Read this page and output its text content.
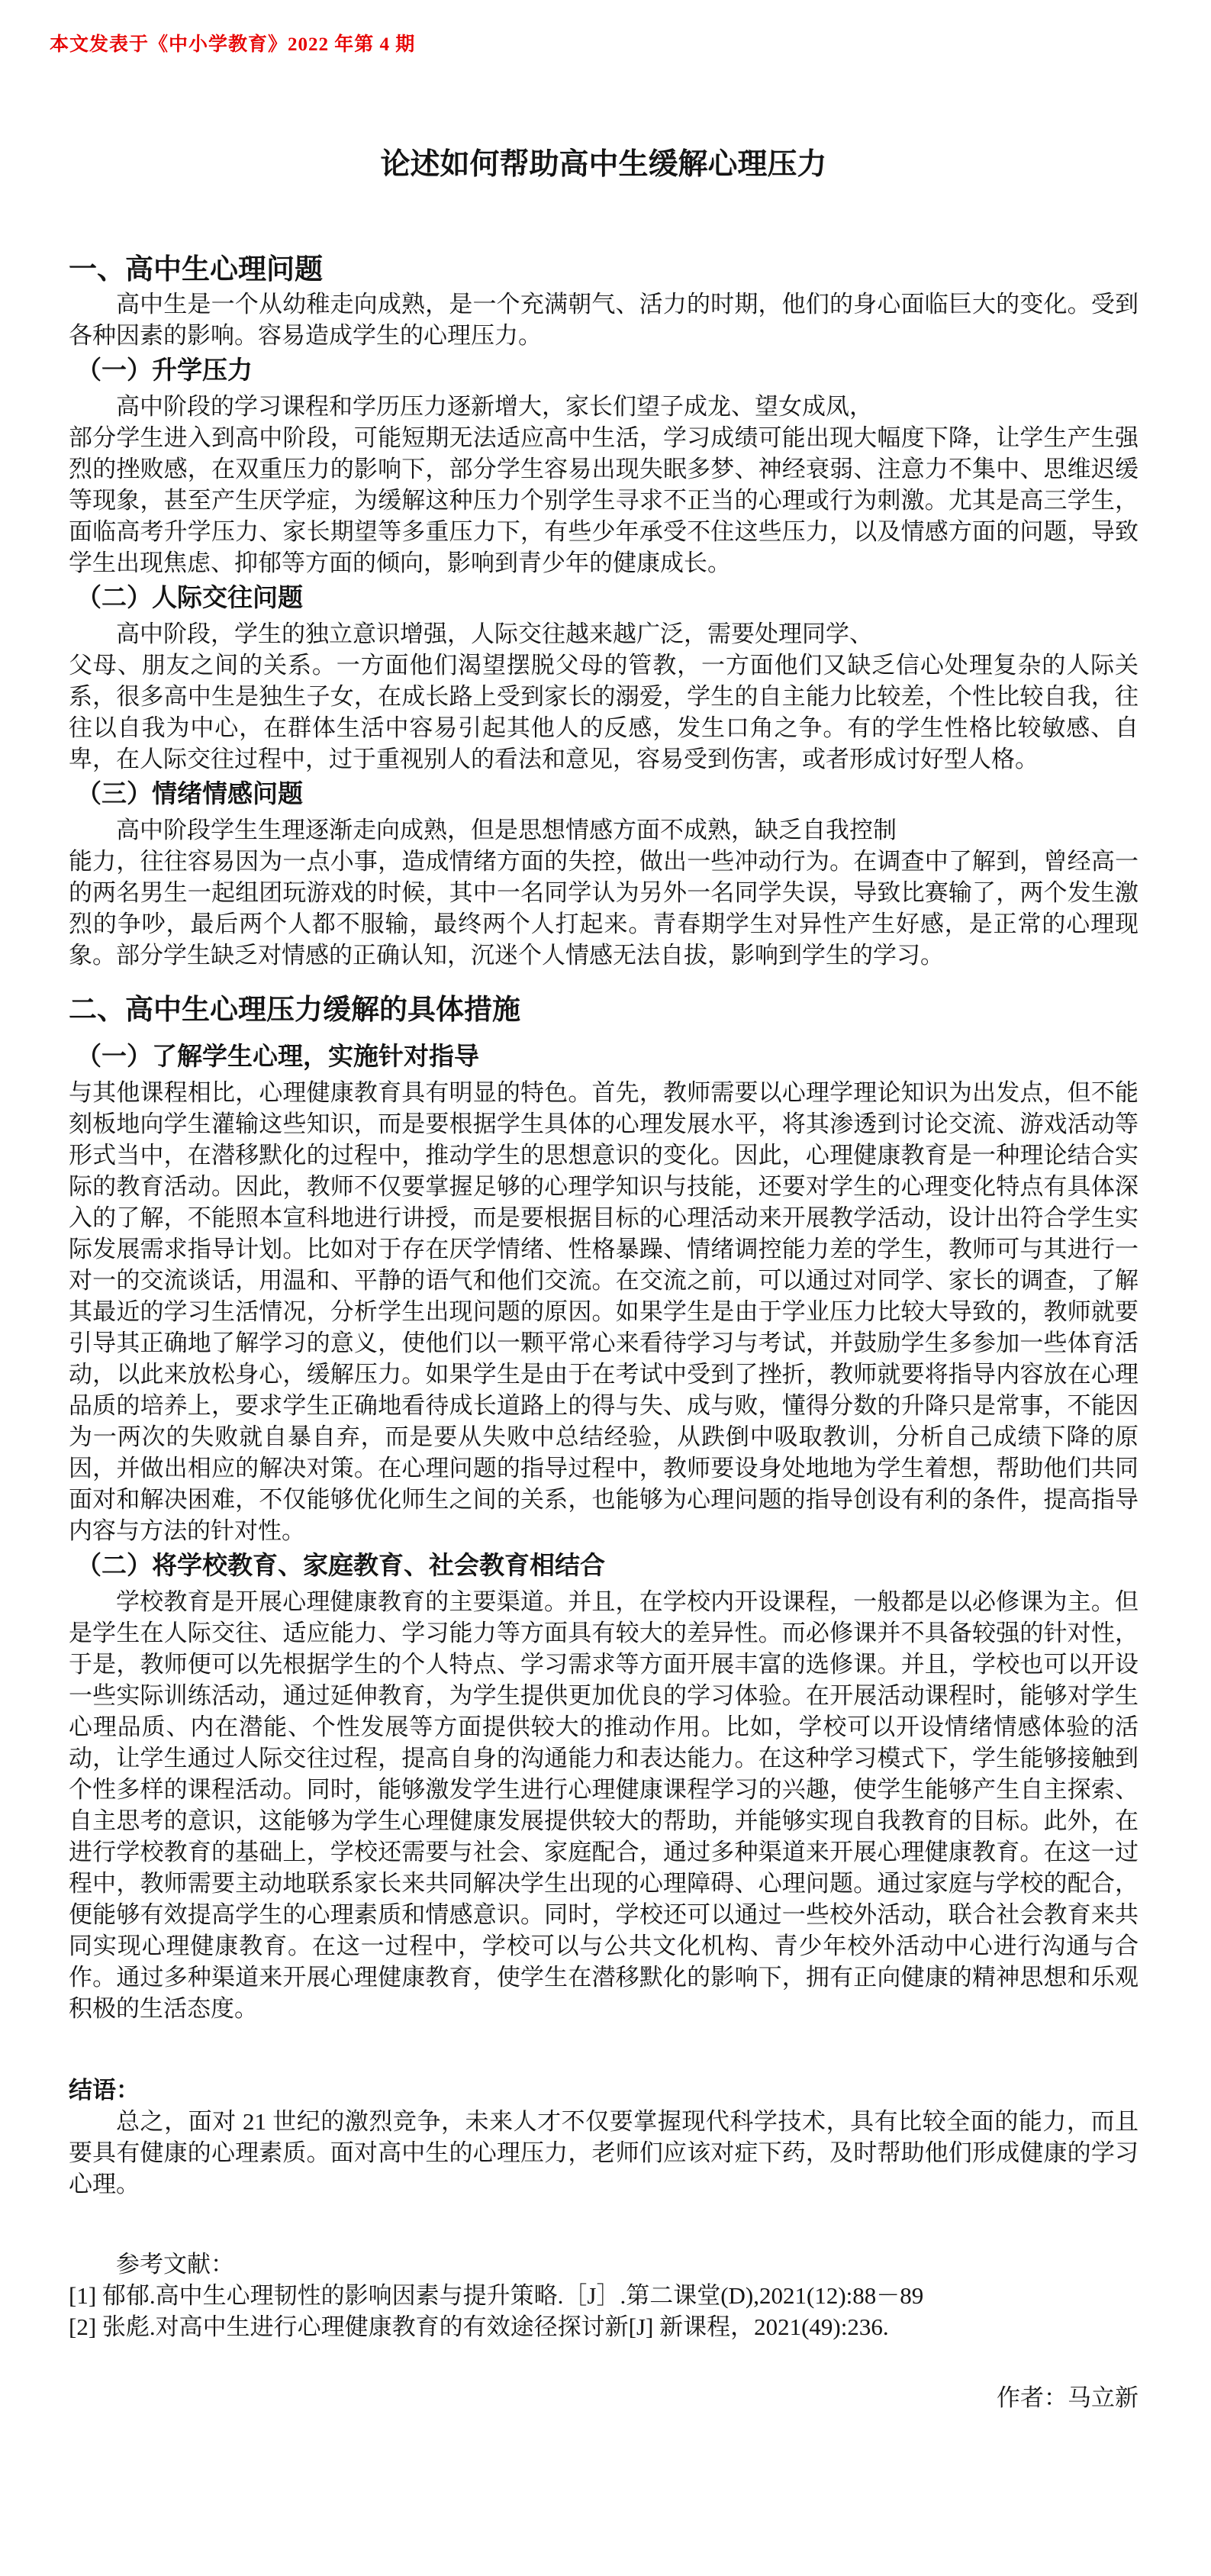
本文发表于《中小学教育》2022 年第 4 期
论述如何帮助高中生缓解心理压力
一、高中生心理问题

高中生是一个从幼稚走向成熟，是一个充满朝气、活力的时期，他们的身心面临巨大的变化。受到各种因素的影响。容易造成学生的心理压力。

（一）升学压力

高中阶段的学习课程和学历压力逐新增大，家长们望子成龙、望女成凤，

部分学生进入到高中阶段，可能短期无法适应高中生活，学习成绩可能出现大幅度下降，让学生产生强烈的挫败感，在双重压力的影响下，部分学生容易出现失眠多梦、神经衰弱、注意力不集中、思维迟缓等现象，甚至产生厌学症，为缓解这种压力个别学生寻求不正当的心理或行为刺激。尤其是高三学生，面临高考升学压力、家长期望等多重压力下，有些少年承受不住这些压力，以及情感方面的问题，导致学生出现焦虑、抑郁等方面的倾向，影响到青少年的健康成长。

（二）人际交往问题

高中阶段，学生的独立意识增强，人际交往越来越广泛，需要处理同学、

父母、朋友之间的关系。一方面他们渴望摆脱父母的管教，一方面他们又缺乏信心处理复杂的人际关系，很多高中生是独生子女，在成长路上受到家长的溺爱，学生的自主能力比较差，个性比较自我，往往以自我为中心，在群体生活中容易引起其他人的反感，发生口角之争。有的学生性格比较敏感、自卑，在人际交往过程中，过于重视别人的看法和意见，容易受到伤害，或者形成讨好型人格。

（三）情绪情感问题

高中阶段学生生理逐渐走向成熟，但是思想情感方面不成熟，缺乏自我控制

能力，往往容易因为一点小事，造成情绪方面的失控，做出一些冲动行为。在调查中了解到，曾经高一的两名男生一起组团玩游戏的时候，其中一名同学认为另外一名同学失误，导致比赛输了，两个发生激烈的争吵，最后两个人都不服输，最终两个人打起来。青春期学生对异性产生好感，是正常的心理现象。部分学生缺乏对情感的正确认知，沉迷个人情感无法自拔，影响到学生的学习。

二、高中生心理压力缓解的具体措施
（一）了解学生心理，实施针对指导

与其他课程相比，心理健康教育具有明显的特色。首先，教师需要以心理学理论知识为出发点，但不能刻板地向学生灌输这些知识，而是要根据学生具体的心理发展水平，将其渗透到讨论交流、游戏活动等形式当中，在潜移默化的过程中，推动学生的思想意识的变化。因此，心理健康教育是一种理论结合实际的教育活动。因此，教师不仅要掌握足够的心理学知识与技能，还要对学生的心理变化特点有具体深入的了解，不能照本宣科地进行讲授，而是要根据目标的心理活动来开展教学活动，设计出符合学生实际发展需求指导计划。比如对于存在厌学情绪、性格暴躁、情绪调控能力差的学生，教师可与其进行一对一的交流谈话，用温和、平静的语气和他们交流。在交流之前，可以通过对同学、家长的调查，了解其最近的学习生活情况，分析学生出现问题的原因。如果学生是由于学业压力比较大导致的，教师就要引导其正确地了解学习的意义，使他们以一颗平常心来看待学习与考试，并鼓励学生多参加一些体育活动，以此来放松身心，缓解压力。如果学生是由于在考试中受到了挫折，教师就要将指导内容放在心理品质的培养上，要求学生正确地看待成长道路上的得与失、成与败，懂得分数的升降只是常事，不能因为一两次的失败就自暴自弃，而是要从失败中总结经验，从跌倒中吸取教训，分析自己成绩下降的原因，并做出相应的解决对策。在心理问题的指导过程中，教师要设身处地地为学生着想，帮助他们共同面对和解决困难，不仅能够优化师生之间的关系，也能够为心理问题的指导创设有利的条件，提高指导内容与方法的针对性。

（二）将学校教育、家庭教育、社会教育相结合

学校教育是开展心理健康教育的主要渠道。并且，在学校内开设课程，一般都是以必修课为主。但是学生在人际交往、适应能力、学习能力等方面具有较大的差异性。而必修课并不具备较强的针对性，于是，教师便可以先根据学生的个人特点、学习需求等方面开展丰富的选修课。并且，学校也可以开设一些实际训练活动，通过延伸教育，为学生提供更加优良的学习体验。在开展活动课程时，能够对学生心理品质、内在潜能、个性发展等方面提供较大的推动作用。比如，学校可以开设情绪情感体验的活动，让学生通过人际交往过程，提高自身的沟通能力和表达能力。在这种学习模式下，学生能够接触到个性多样的课程活动。同时，能够激发学生进行心理健康课程学习的兴趣，使学生能够产生自主探索、自主思考的意识，这能够为学生心理健康发展提供较大的帮助，并能够实现自我教育的目标。此外，在进行学校教育的基础上，学校还需要与社会、家庭配合，通过多种渠道来开展心理健康教育。在这一过程中，教师需要主动地联系家长来共同解决学生出现的心理障碍、心理问题。通过家庭与学校的配合，便能够有效提高学生的心理素质和情感意识。同时，学校还可以通过一些校外活动，联合社会教育来共同实现心理健康教育。在这一过程中，学校可以与公共文化机构、青少年校外活动中心进行沟通与合作。通过多种渠道来开展心理健康教育，使学生在潜移默化的影响下，拥有正向健康的精神思想和乐观积极的生活态度。

结语：

总之，面对 21 世纪的激烈竞争，未来人才不仅要掌握现代科学技术，具有比较全面的能力，而且要具有健康的心理素质。面对高中生的心理压力，老师们应该对症下药，及时帮助他们形成健康的学习心理。

参考文献：

[1] 郁郁.高中生心理韧性的影响因素与提升策略.［J］.第二课堂(D),2021(12):88－89

[2] 张彪.对高中生进行心理健康教育的有效途径探讨新[J] 新课程，2021(49):236.

作者：马立新
